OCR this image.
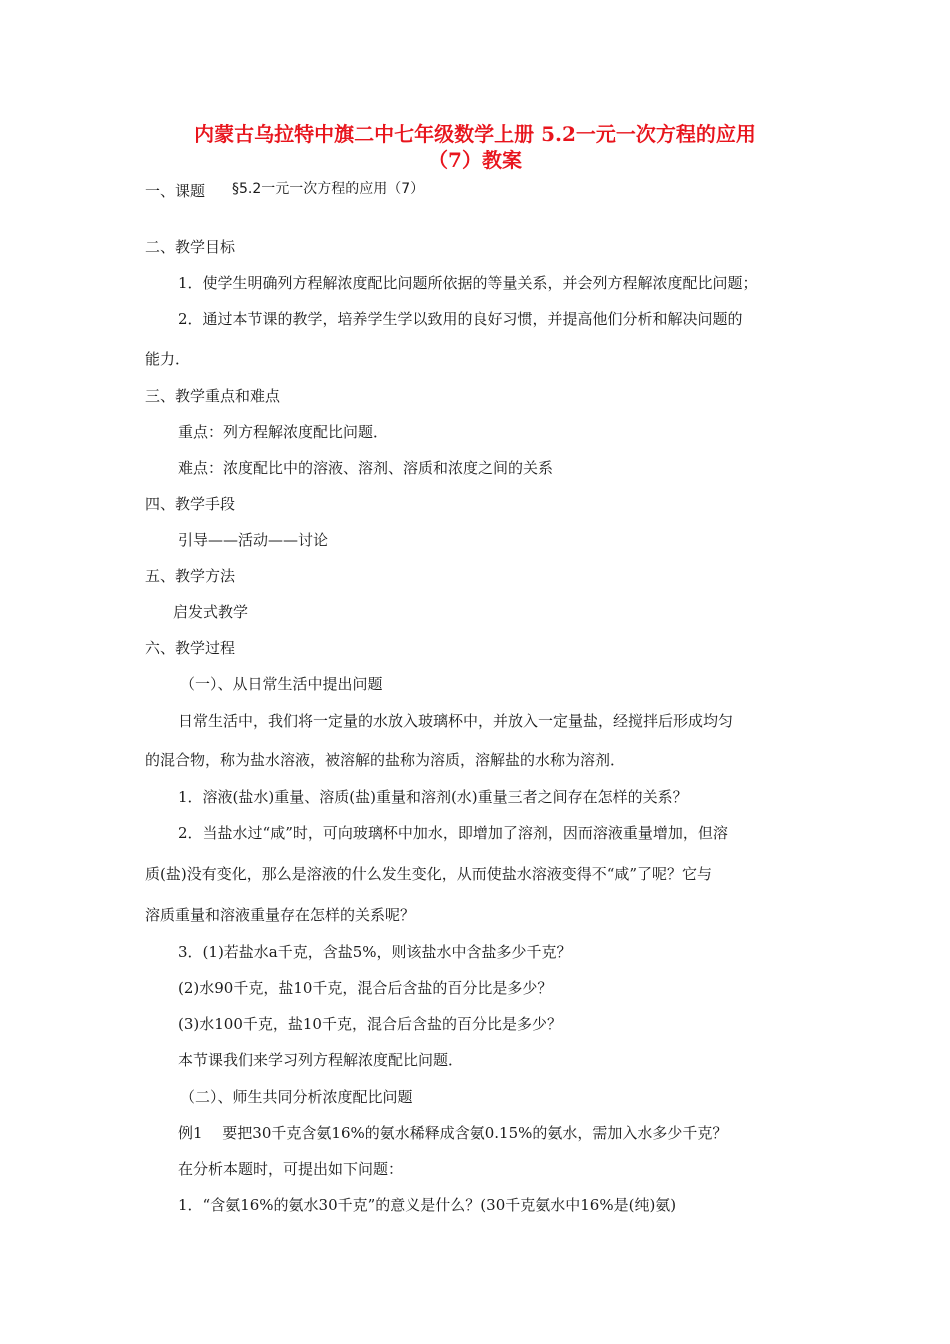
内蒙古乌拉特中旗二中七年级数学上册 5.2一元一次方程的应用
（7）教案
一、课题 §5.2一元一次方程的应用（7）
二、教学目标
1．使学生明确列方程解浓度配比问题所依据的等量关系，并会列方程解浓度配比问题；
2．通过本节课的教学，培养学生学以致用的良好习惯，并提高他们分析和解决问题的
能力．
三、教学重点和难点
重点：列方程解浓度配比问题．
难点：浓度配比中的溶液、溶剂、溶质和浓度之间的关系
四、教学手段
引导——活动——讨论
五、教学方法
启发式教学
六、教学过程
（一）、从日常生活中提出问题
日常生活中，我们将一定量的水放入玻璃杯中，并放入一定量盐，经搅拌后形成均匀
的混合物，称为盐水溶液，被溶解的盐称为溶质，溶解盐的水称为溶剂．
1．溶液(盐水)重量、溶质(盐)重量和溶剂(水)重量三者之间存在怎样的关系？
2．当盐水过“咸”时，可向玻璃杯中加水，即增加了溶剂，因而溶液重量增加，但溶
质(盐)没有变化，那么是溶液的什么发生变化，从而使盐水溶液变得不“咸”了呢？它与
溶质重量和溶液重量存在怎样的关系呢？
3．(1)若盐水a千克，含盐5%，则该盐水中含盐多少千克？
(2)水90千克，盐10千克，混合后含盐的百分比是多少？
(3)水100千克，盐10千克，混合后含盐的百分比是多少？
本节课我们来学习列方程解浓度配比问题．
（二）、师生共同分析浓度配比问题
例1　 要把30千克含氨16%的氨水稀释成含氨0.15%的氨水，需加入水多少千克？
在分析本题时，可提出如下问题：
1．“含氨16%的氨水30千克”的意义是什么？(30千克氨水中16%是(纯)氨)
